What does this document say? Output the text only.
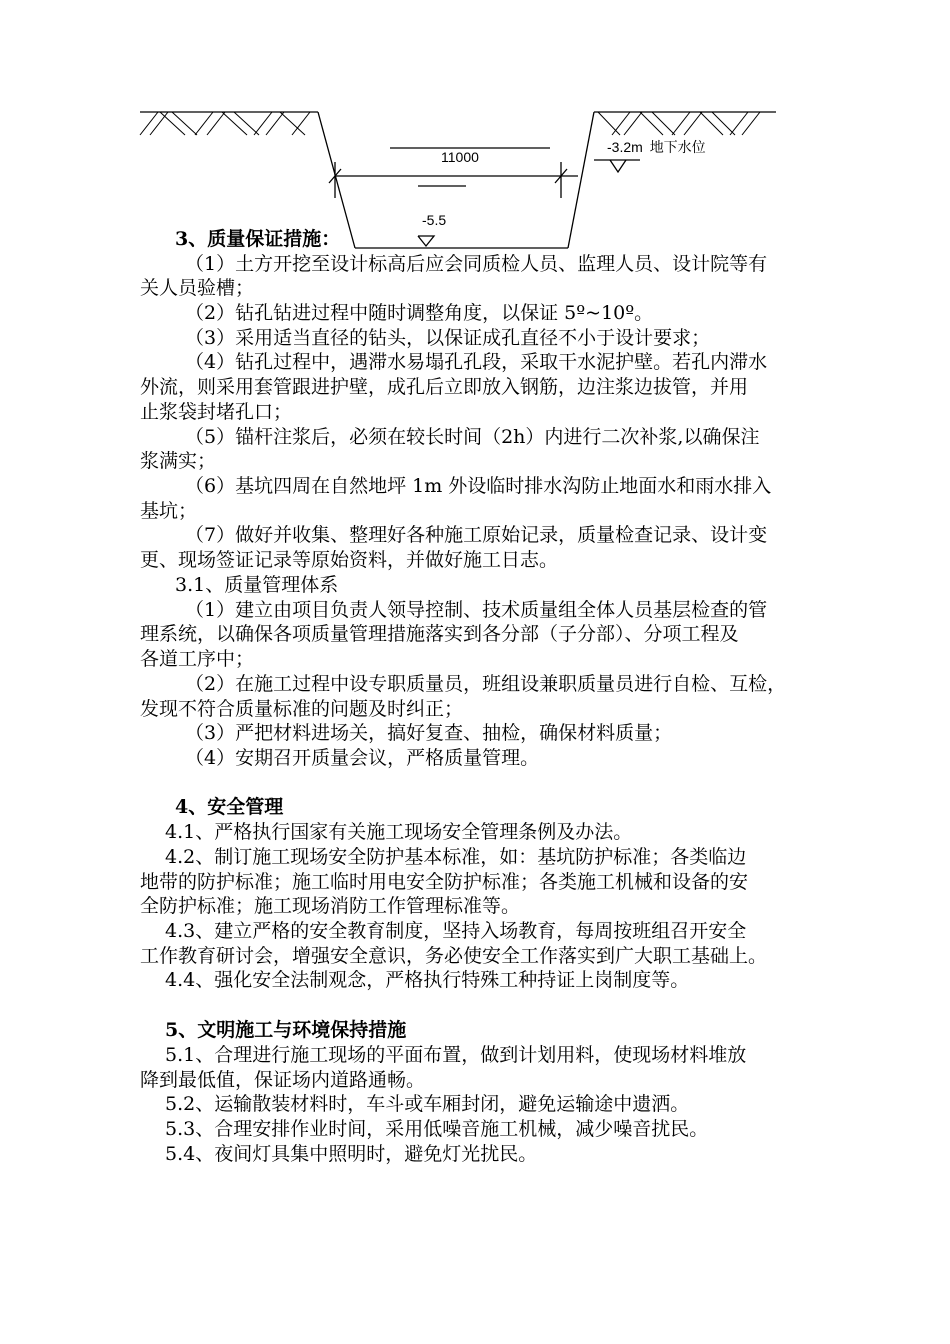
11000
-5.5
-3.2m 地下水位
3、质量保证措施：
（1）土方开挖至设计标高后应会同质检人员、监理人员、设计院等有
关人员验槽；
（2）钻孔钻进过程中随时调整角度，以保证 5º~10º。
（3）采用适当直径的钻头，以保证成孔直径不小于设计要求；
（4）钻孔过程中，遇滞水易塌孔孔段，采取干水泥护壁。若孔内滞水
外流，则采用套管跟进护壁，成孔后立即放入钢筋，边注浆边拔管，并用
止浆袋封堵孔口；
（5）锚杆注浆后，必须在较长时间（2h）内进行二次补浆,以确保注
浆满实；
（6）基坑四周在自然地坪 1m 外设临时排水沟防止地面水和雨水排入
基坑；
（7）做好并收集、整理好各种施工原始记录，质量检查记录、设计变
更、现场签证记录等原始资料，并做好施工日志。
3.1、质量管理体系
（1）建立由项目负责人领导控制、技术质量组全体人员基层检查的管
理系统，以确保各项质量管理措施落实到各分部（子分部）、分项工程及
各道工序中；
（2）在施工过程中设专职质量员，班组设兼职质量员进行自检、互检，
发现不符合质量标准的问题及时纠正；
（3）严把材料进场关，搞好复查、抽检，确保材料质量；
（4）安期召开质量会议，严格质量管理。
4、安全管理
4.1、严格执行国家有关施工现场安全管理条例及办法。
4.2、制订施工现场安全防护基本标准，如：基坑防护标准；各类临边
地带的防护标准；施工临时用电安全防护标准；各类施工机械和设备的安
全防护标准；施工现场消防工作管理标准等。
4.3、建立严格的安全教育制度，坚持入场教育，每周按班组召开安全
工作教育研讨会，增强安全意识，务必使安全工作落实到广大职工基础上。
4.4、强化安全法制观念，严格执行特殊工种持证上岗制度等。
5、文明施工与环境保持措施
5.1、合理进行施工现场的平面布置，做到计划用料，使现场材料堆放
降到最低值，保证场内道路通畅。
5.2、运输散装材料时，车斗或车厢封闭，避免运输途中遗洒。
5.3、合理安排作业时间，采用低噪音施工机械，减少噪音扰民。
5.4、夜间灯具集中照明时，避免灯光扰民。
